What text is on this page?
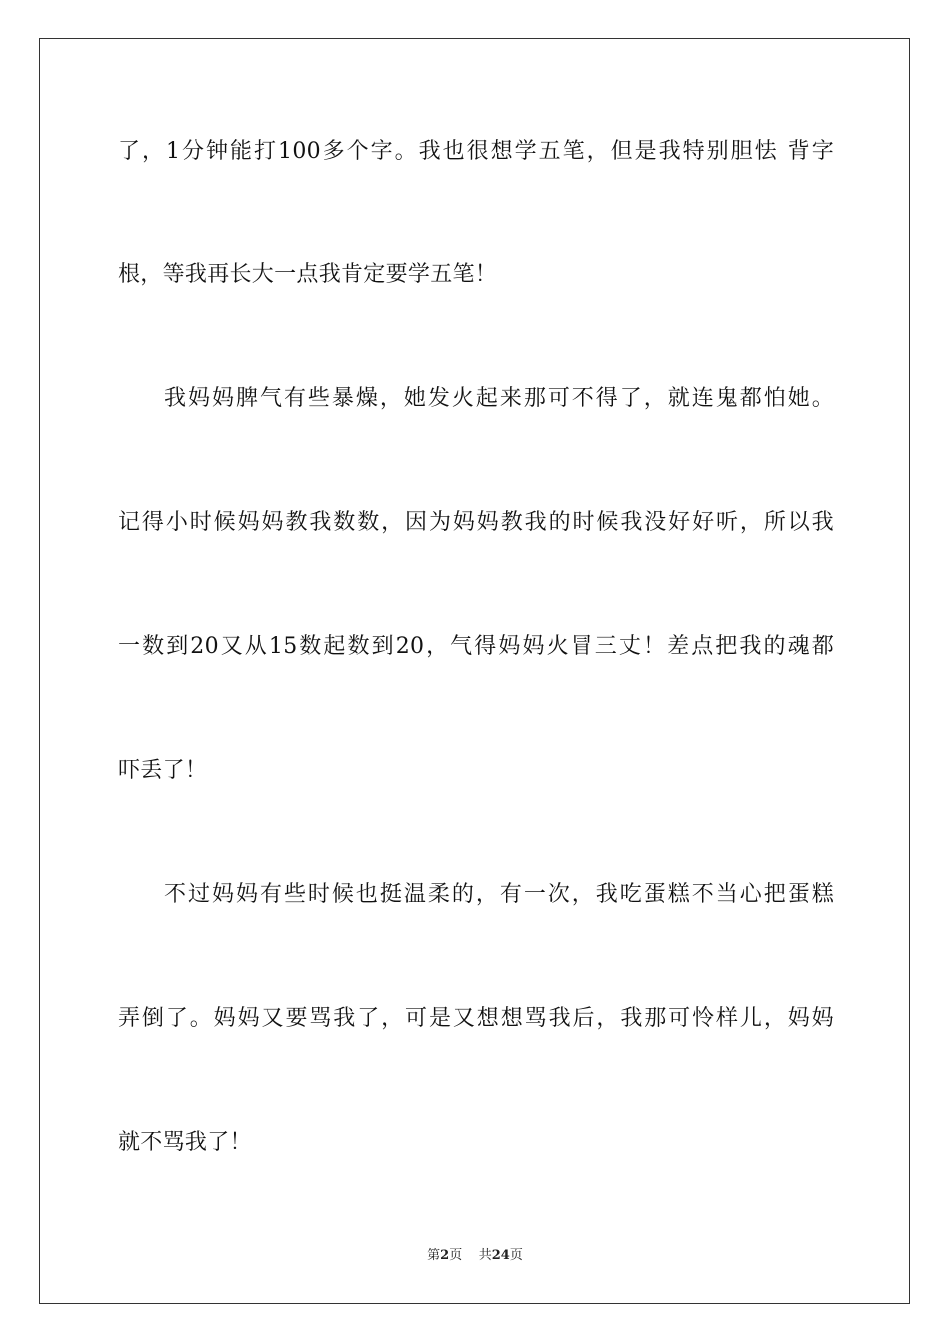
了，1分钟能打100多个字。我也很想学五笔，但是我特别胆怯 背字
根，等我再长大一点我肯定要学五笔！
我妈妈脾气有些暴燥，她发火起来那可不得了，就连鬼都怕她。
记得小时候妈妈教我数数，因为妈妈教我的时候我没好好听，所以我
一数到20又从15数起数到20，气得妈妈火冒三丈！差点把我的魂都
吓丢了！
不过妈妈有些时候也挺温柔的，有一次，我吃蛋糕不当心把蛋糕
弄倒了。妈妈又要骂我了，可是又想想骂我后，我那可怜样儿，妈妈
就不骂我了！
第2页 共24页
